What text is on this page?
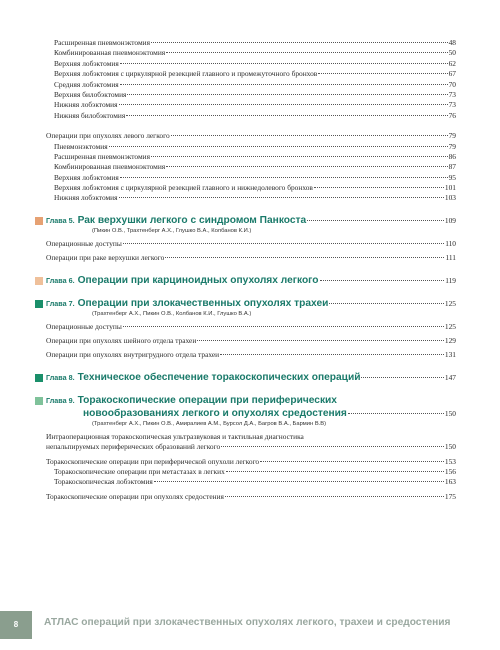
Расширенная пневмонэктомия	48
Комбинированная пневмонэктомия	50
Верхняя лобэктомия	62
Верхняя лобэктомия с циркулярной резекцией главного и промежуточного бронхов	67
Средняя лобэктомия	70
Верхняя билобэктомия	73
Нижняя лобэктомия	73
Нижняя билобэктомия	76
Операции при опухолях левого легкого	79
Пневмонэктомия	79
Расширенная пневмонэктомия	86
Комбинированная пневмонэктомия	87
Верхняя лобэктомия	95
Верхняя лобэктомия с циркулярной резекцией главного и нижнедолевого бронхов	101
Нижняя лобэктомия	103
Глава 5. Рак верхушки легкого с синдромом Панкоста	109
(Пикин О.В., Трахтенберг А.Х., Глушко В.А., Колбанов К.И.)
Операционные доступы	110
Операции при раке верхушки легкого	111
Глава 6. Операции при карциноидных опухолях легкого	119
Глава 7. Операции при злокачественных опухолях трахеи	125
(Трахтенберг А.Х., Пикин О.В., Колбанов К.И., Глушко В.А.)
Операционные доступы	125
Операции при опухолях шейного отдела трахеи	129
Операции при опухолях внутригрудного отдела трахеи	131
Глава 8. Техническое обеспечение торакоскопических операций	147
Глава 9. Торакоскопические операции при периферических
новообразованиях легкого и опухолях средостения	150
(Трахтенберг А.Х., Пикин О.В., Амиралиев А.М., Бурсол Д.А., Багров В.А., Бармин В.В)
Интраоперационная торакоскопическая ультразвуковая и тактильная диагностика
непальпируемых периферических образований легкого	150
Торакоскопические операции при периферической опухоли легкого	153
Торакоскопические операции при метастазах в легких	156
Торакоскопическая лобэктомия	163
Торакоскопические операции при опухолях средостения	175
8	АТЛАС операций при злокачественных опухолях легкого, трахеи и средостения
